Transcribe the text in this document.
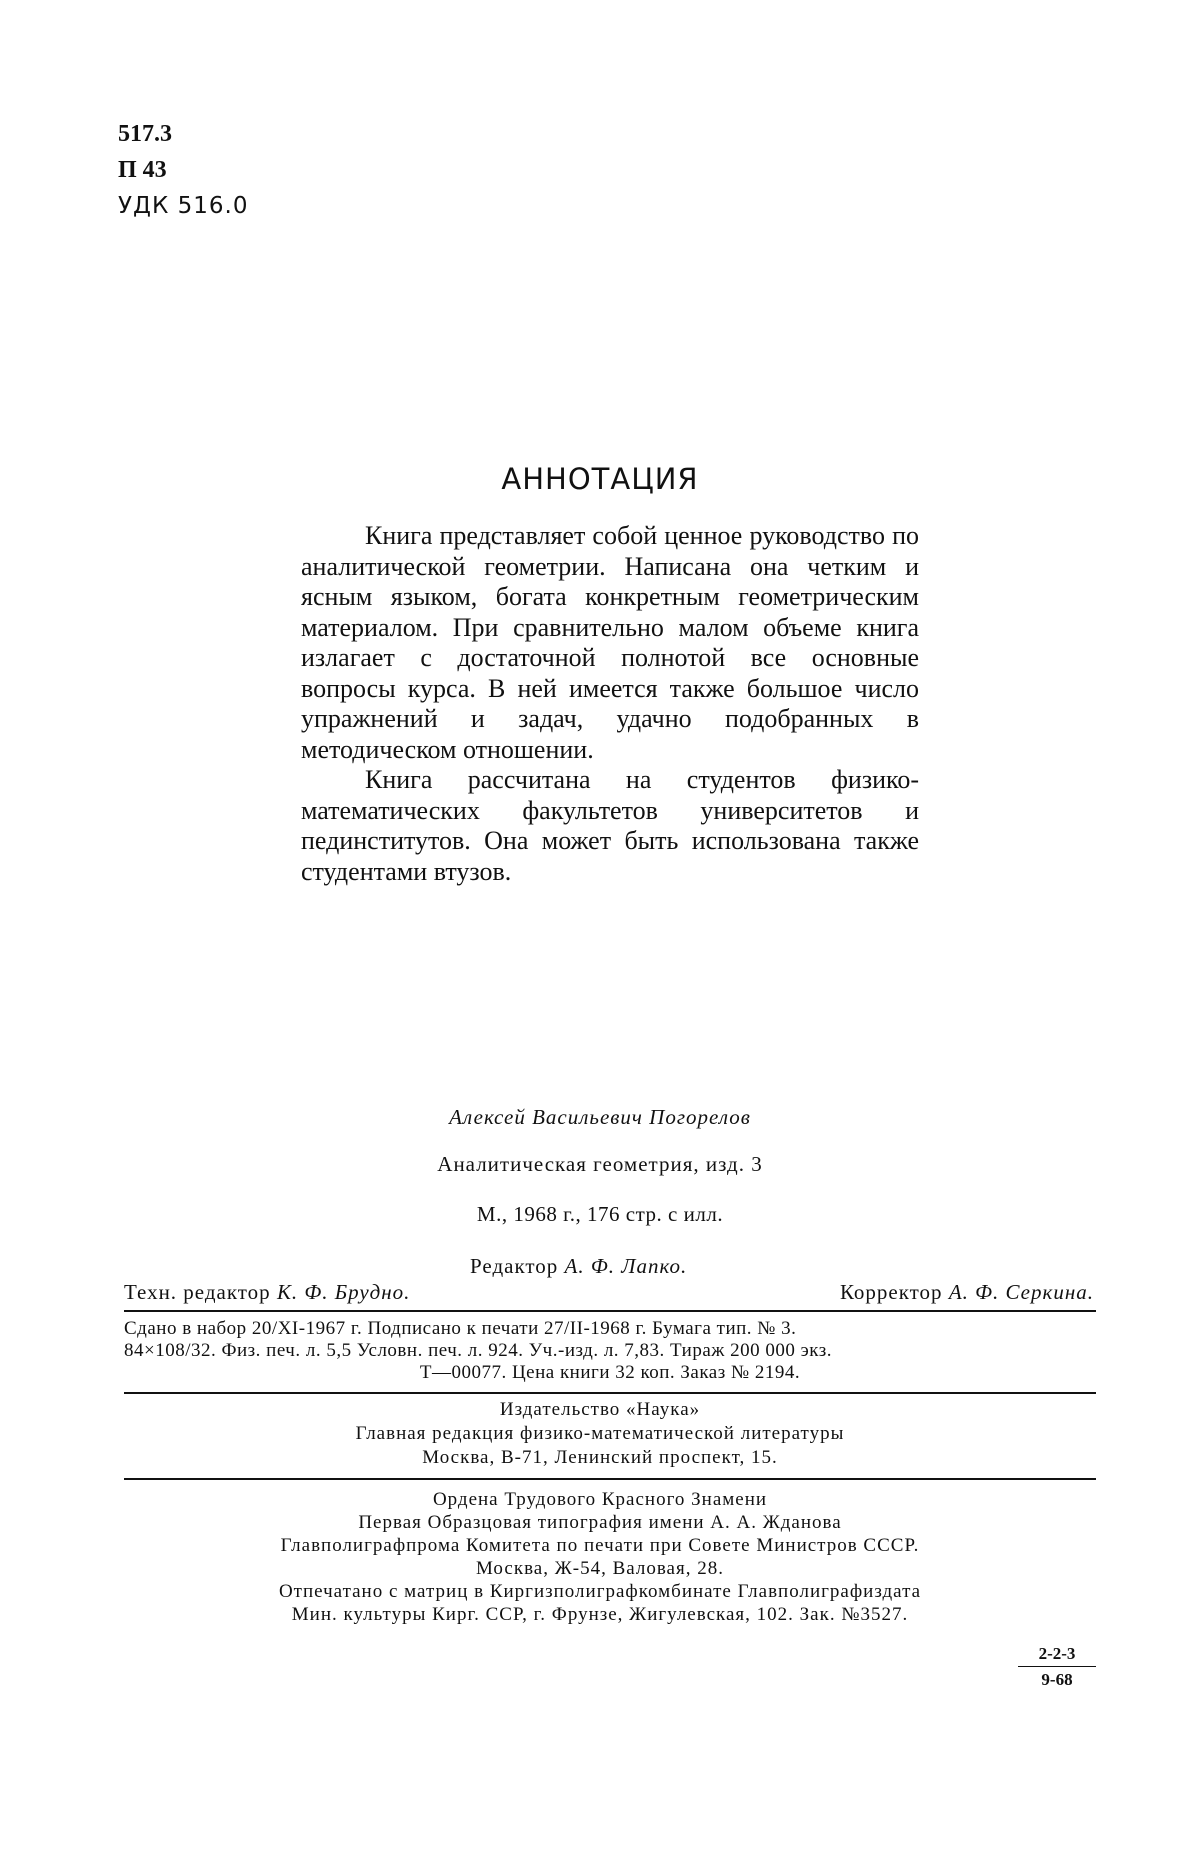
517.3
П 43
УДК 516.0
АННОТАЦИЯ

Книга представляет собой ценное руководство по аналитической геометрии. Написана она четким и ясным языком, богата конкретным геометрическим материалом. При сравнительно малом объеме книга излагает с достаточной полнотой все основные вопросы курса. В ней имеется также большое число упражнений и задач, удачно подобранных в методическом отношении.

Книга рассчитана на студентов физико-математических факультетов университетов и пединститутов. Она может быть использована также студентами втузов.

Алексей Васильевич Погорелов
Аналитическая геометрия, изд. 3
М., 1968 г., 176 стр. с илл.
Редактор А. Ф. Лапко.
Техн. редактор К. Ф. Брудно.	Корректор А. Ф. Серкина.
Сдано в набор 20/XI-1967 г. Подписано к печати 27/II-1968 г. Бумага тип. № 3.
84×108/32. Физ. печ. л. 5,5 Условн. печ. л. 924. Уч.-изд. л. 7,83. Тираж 200 000 экз.
Т—00077. Цена книги 32 коп. Заказ № 2194.
Издательство «Наука»
Главная редакция физико-математической литературы
Москва, В-71, Ленинский проспект, 15.
Ордена Трудового Красного Знамени
Первая Образцовая типография имени А. А. Жданова
Главполиграфпрома Комитета по печати при Совете Министров СССР.
Москва, Ж-54, Валовая, 28.
Отпечатано с матриц в Киргизполиграфкомбинате Главполиграфиздата
Мин. культуры Кирг. ССР, г. Фрунзе, Жигулевская, 102. Зак. №3527.
2-2-3
9-68
